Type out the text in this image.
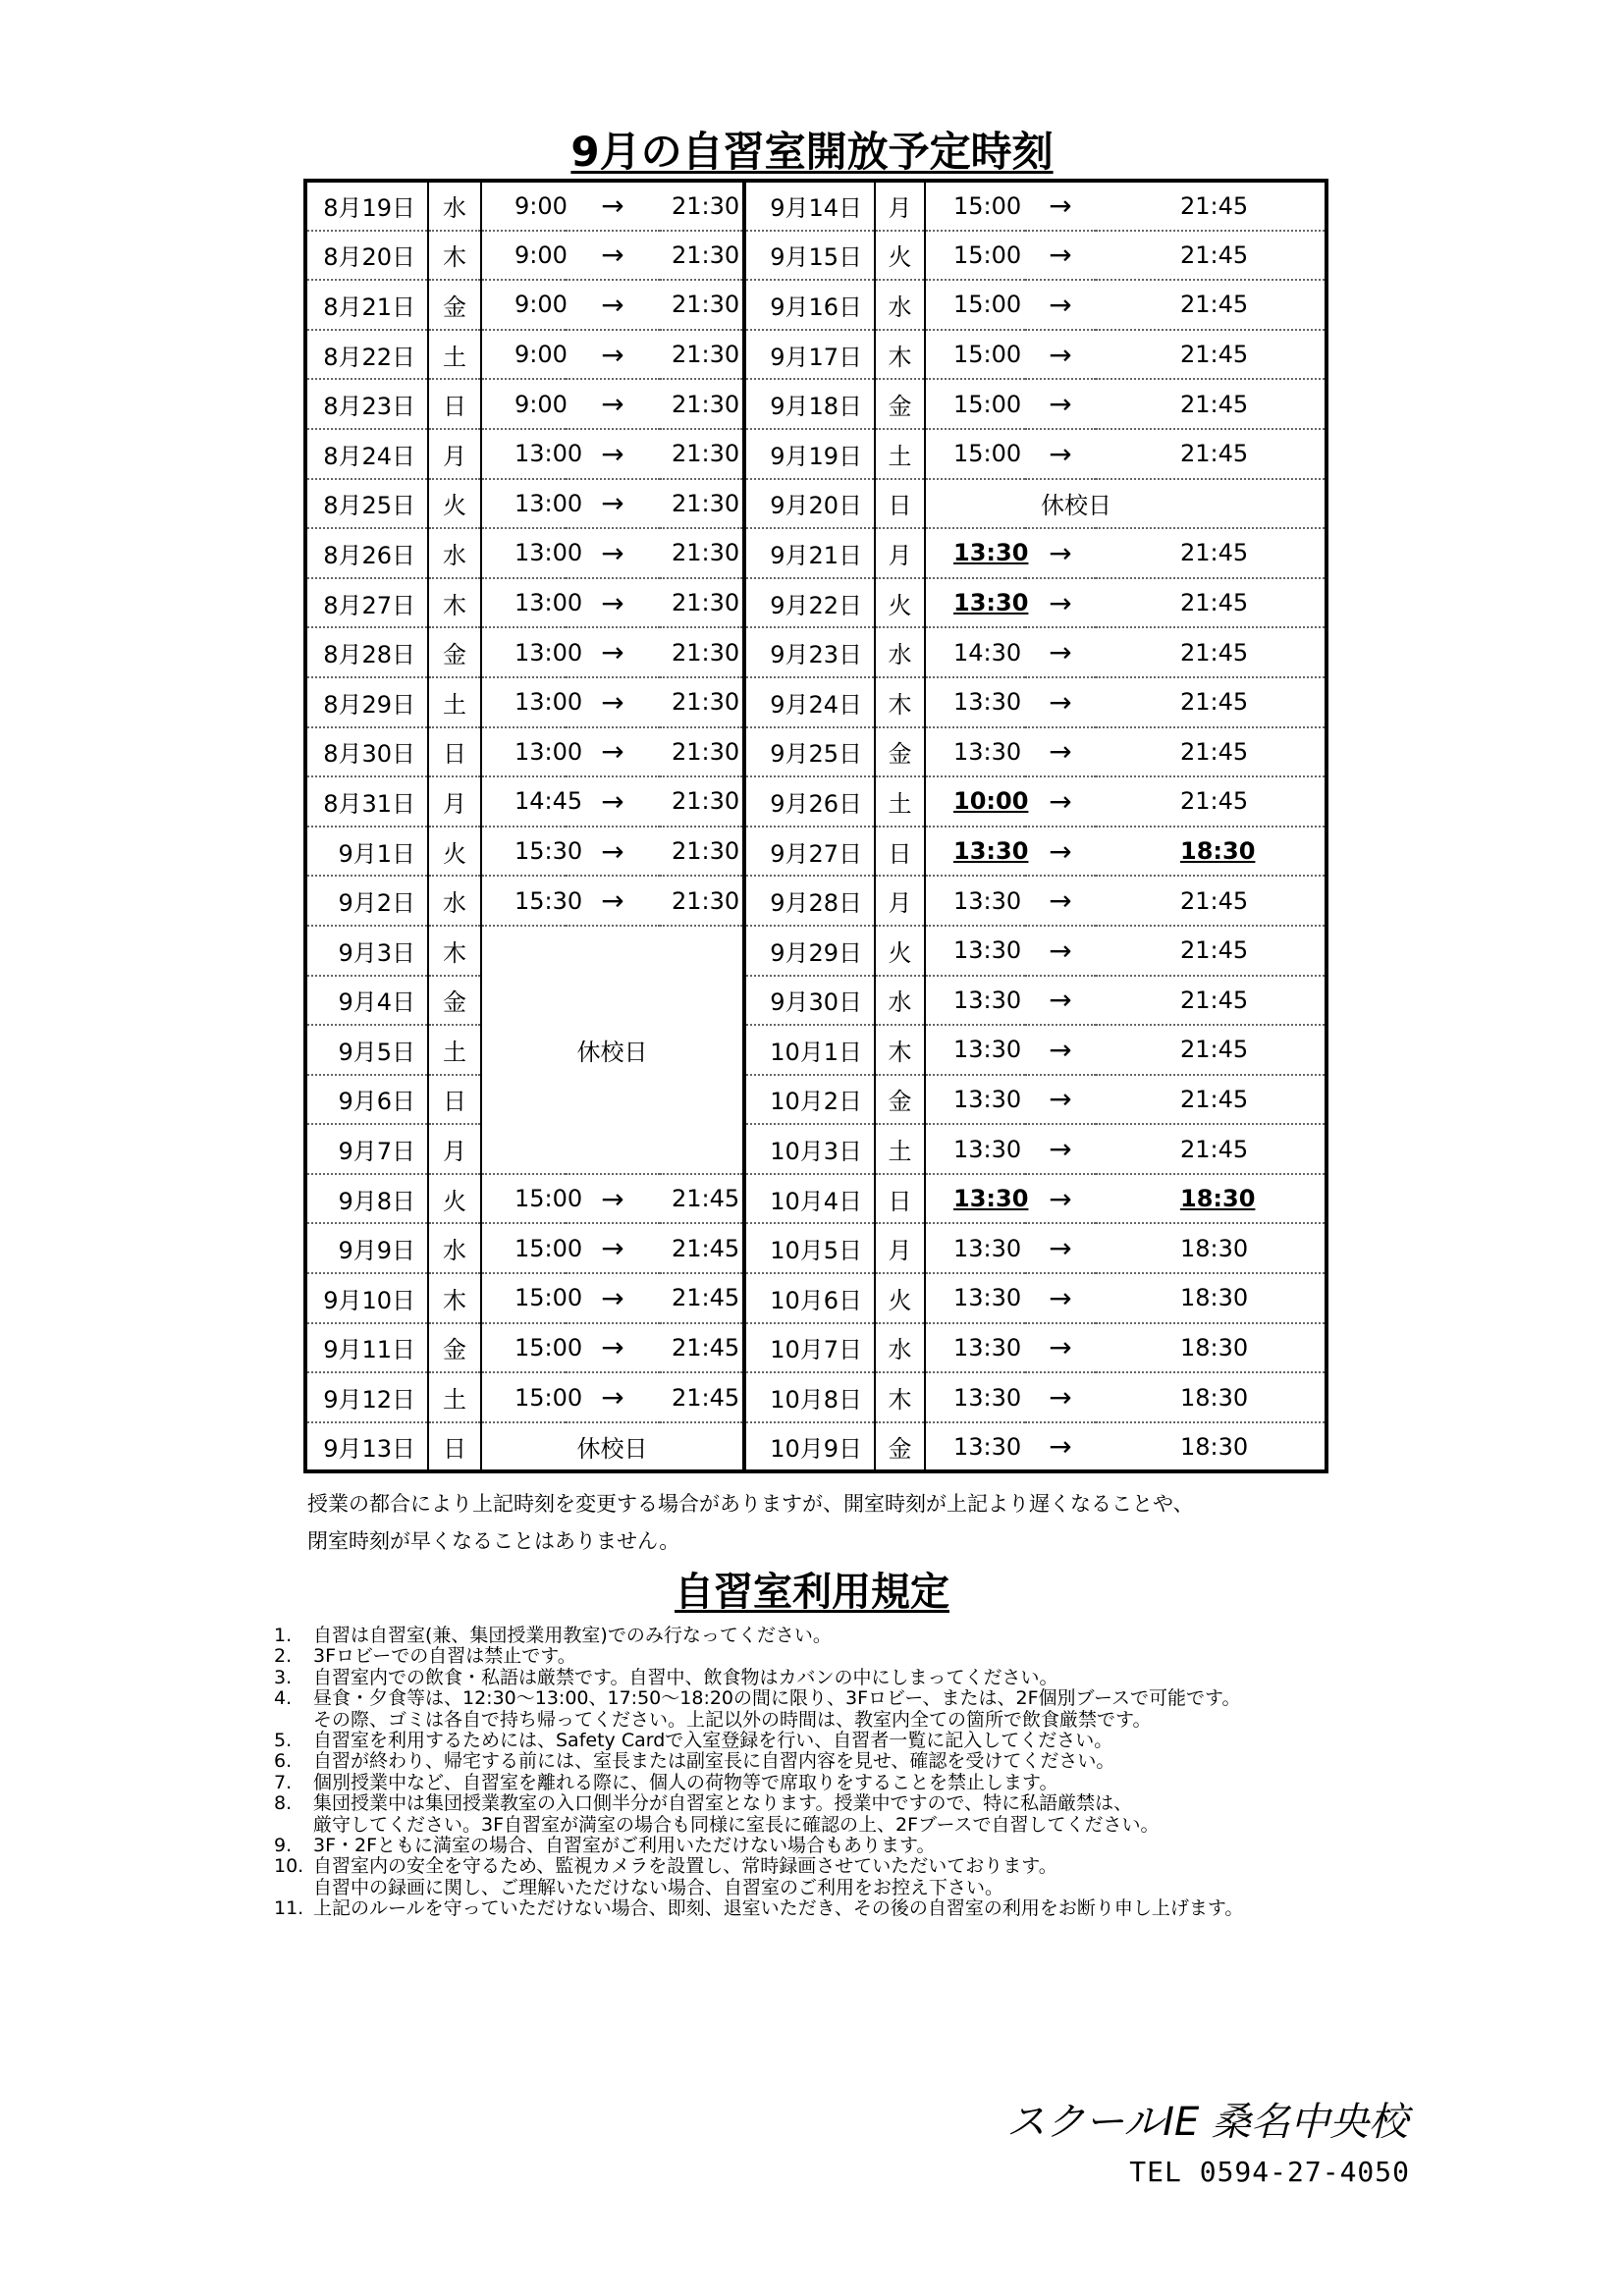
9月の自習室開放予定時刻
8月19日	水	9:00	→	21:30	9月14日	月	15:00	→	21:45
8月20日	木	9:00	→	21:30	9月15日	火	15:00	→	21:45
8月21日	金	9:00	→	21:30	9月16日	水	15:00	→	21:45
8月22日	土	9:00	→	21:30	9月17日	木	15:00	→	21:45
8月23日	日	9:00	→	21:30	9月18日	金	15:00	→	21:45
8月24日	月	13:00	→	21:30	9月19日	土	15:00	→	21:45
8月25日	火	13:00	→	21:30	9月20日	日	休校日		
8月26日	水	13:00	→	21:30	9月21日	月	13:30	→	21:45
8月27日	木	13:00	→	21:30	9月22日	火	13:30	→	21:45
8月28日	金	13:00	→	21:30	9月23日	水	14:30	→	21:45
8月29日	土	13:00	→	21:30	9月24日	木	13:30	→	21:45
8月30日	日	13:00	→	21:30	9月25日	金	13:30	→	21:45
8月31日	月	14:45	→	21:30	9月26日	土	10:00	→	21:45
9月1日	火	15:30	→	21:30	9月27日	日	13:30	→	18:30
9月2日	水	15:30	→	21:30	9月28日	月	13:30	→	21:45
9月3日	木	休校日			9月29日	火	13:30	→	21:45
9月4日	金				9月30日	水	13:30	→	21:45
9月5日	土				10月1日	木	13:30	→	21:45
9月6日	日				10月2日	金	13:30	→	21:45
9月7日	月				10月3日	土	13:30	→	21:45
9月8日	火	15:00	→	21:45	10月4日	日	13:30	→	18:30
9月9日	水	15:00	→	21:45	10月5日	月	13:30	→	18:30
9月10日	木	15:00	→	21:45	10月6日	火	13:30	→	18:30
9月11日	金	15:00	→	21:45	10月7日	水	13:30	→	18:30
9月12日	土	15:00	→	21:45	10月8日	木	13:30	→	18:30
9月13日	日	休校日			10月9日	金	13:30	→	18:30
授業の都合により上記時刻を変更する場合がありますが、開室時刻が上記より遅くなることや、
閉室時刻が早くなることはありません。
自習室利用規定
1.	自習は自習室(兼、集団授業用教室)でのみ行なってください。
2.	3Fロビーでの自習は禁止です。
3.	自習室内での飲食・私語は厳禁です。自習中、飲食物はカバンの中にしまってください。
4.	昼食・夕食等は、12:30～13:00、17:50～18:20の間に限り、3Fロビー、または、2F個別ブースで可能です。
その際、ゴミは各自で持ち帰ってください。上記以外の時間は、教室内全ての箇所で飲食厳禁です。
5.	自習室を利用するためには、Safety Cardで入室登録を行い、自習者一覧に記入してください。
6.	自習が終わり、帰宅する前には、室長または副室長に自習内容を見せ、確認を受けてください。
7.	個別授業中など、自習室を離れる際に、個人の荷物等で席取りをすることを禁止します。
8.	集団授業中は集団授業教室の入口側半分が自習室となります。授業中ですので、特に私語厳禁は、
厳守してください。3F自習室が満室の場合も同様に室長に確認の上、2Fブースで自習してください。
9.	3F・2Fともに満室の場合、自習室がご利用いただけない場合もあります。
10. 自習室内の安全を守るため、監視カメラを設置し、常時録画させていただいております。
自習中の録画に関し、ご理解いただけない場合、自習室のご利用をお控え下さい。
11. 上記のルールを守っていただけない場合、即刻、退室いただき、その後の自習室の利用をお断り申し上げます。
スクールIE 桑名中央校
TEL 0594-27-4050
